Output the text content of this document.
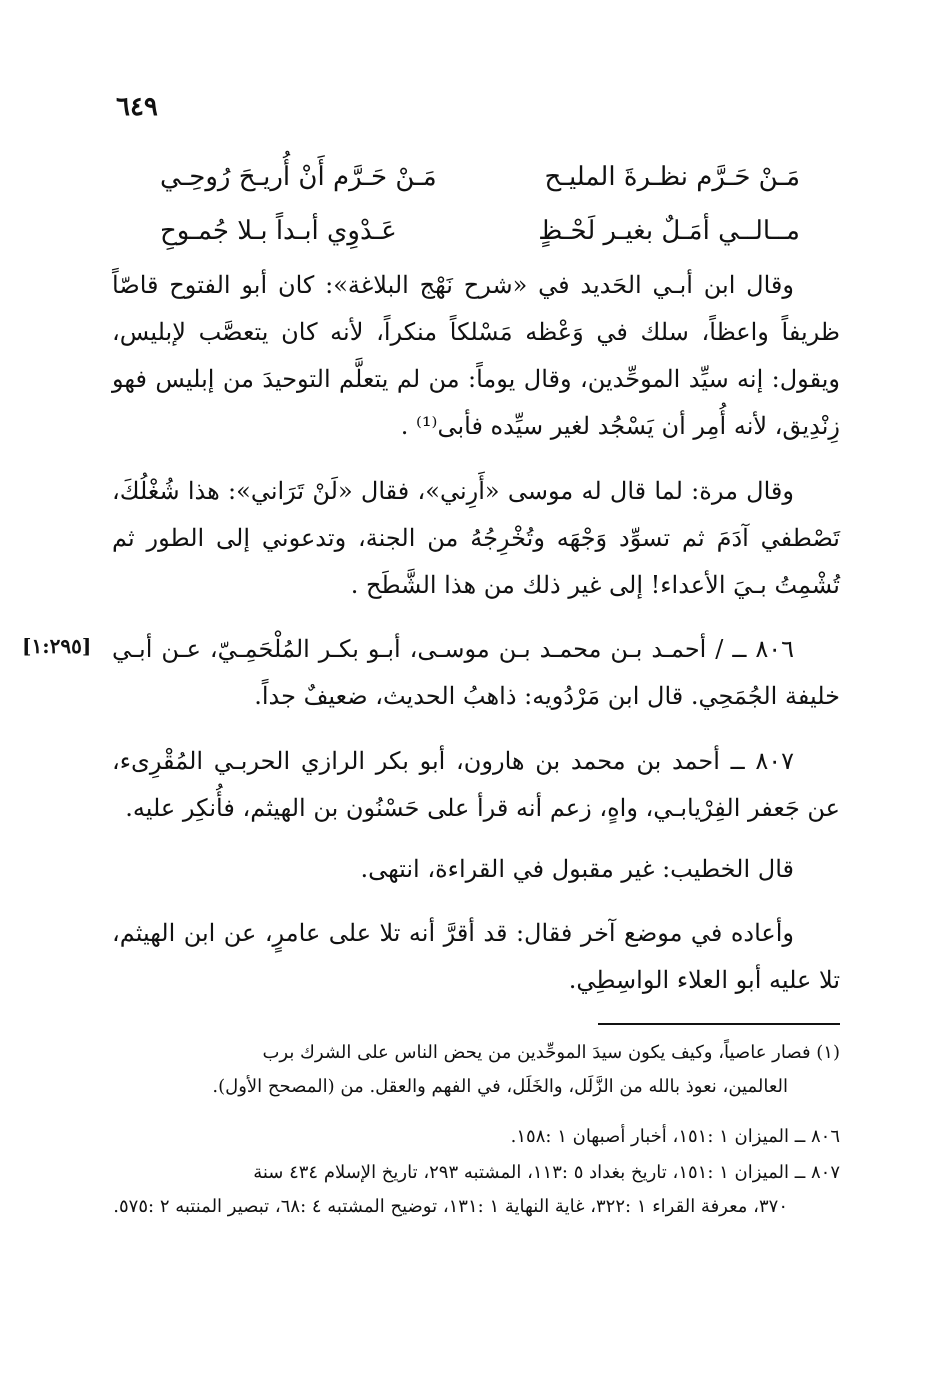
٦٤٩
مَـنْ حَـرَّم نظـرةَ المليـح
مَـنْ حَـرَّم أَنْ أُريـحَ رُوحِـي
مــالــي أمَـلٌ بغيـر لَحْـظٍ
عَـدْوِي أبـداً بـلا جُمـوحِ

وقال ابن أبـي الحَديد في «شرح نَهْج البلاغة»: كان أبو الفتوح قاصّاً ظريفاً واعظاً، سلك في وَعْظه مَسْلكاً منكراً، لأنه كان يتعصَّب لإبليس، ويقول: إنه سيِّد الموحِّدين، وقال يوماً: من لم يتعلَّم التوحيدَ من إبليس فهو زِنْدِيق، لأنه أُمِر أن يَسْجُد لغير سيِّده فأبى⁽¹⁾ .

وقال مرة: لما قال له موسى «أَرِني»، فقال «لَنْ تَرَاني»: هذا شُغْلُكَ، تَصْطفي آدَمَ ثم تسوِّد وَجْهَه وتُخْرِجُهُ من الجنة، وتدعوني إلى الطور ثم تُشْمِتُ بـيَ الأعداء! إلى غير ذلك من هذا الشَّطَح .

[١:٢٩٥] ٨٠٦ ــ / أحمـد بـن محمـد بـن موسـى، أبـو بكـر المُلْحَمِـيّ، عـن أبـي خليفة الجُمَحِي. قال ابن مَرْدُويه: ذاهبُ الحديث، ضعيفٌ جداً.

٨٠٧ ــ أحمد بن محمد بن هارون، أبو بكر الرازي الحربـي المُقْرِىء، عن جَعفر الفِرْيابـي، واهٍ، زعم أنه قرأ على حَسْنُون بن الهيثم، فأُنكِر عليه.

قال الخطيب: غير مقبول في القراءة، انتهى.

وأعاده في موضع آخر فقال: قد أقرَّ أنه تلا على عامرٍ، عن ابن الهيثم، تلا عليه أبو العلاء الواسِطِي.

(١) فصار عاصياً، وكيف يكون سيدَ الموحِّدين من يحض الناس على الشرك برب
العالمين، نعوذ بالله من الزَّلَل، والخَلَل، في الفهم والعقل. من (المصحح الأول).
٨٠٦ ــ الميزان ١ :١٥١، أخبار أصبهان ١ :١٥٨.
٨٠٧ ــ الميزان ١ :١٥١، تاريخ بغداد ٥ :١١٣، المشتبه ٢٩٣، تاريخ الإسلام ٤٣٤ سنة
٣٧٠، معرفة القراء ١ :٣٢٢، غاية النهاية ١ :١٣١، توضيح المشتبه ٤ :٦٨، تبصير المنتبه ٢ :٥٧٥.
